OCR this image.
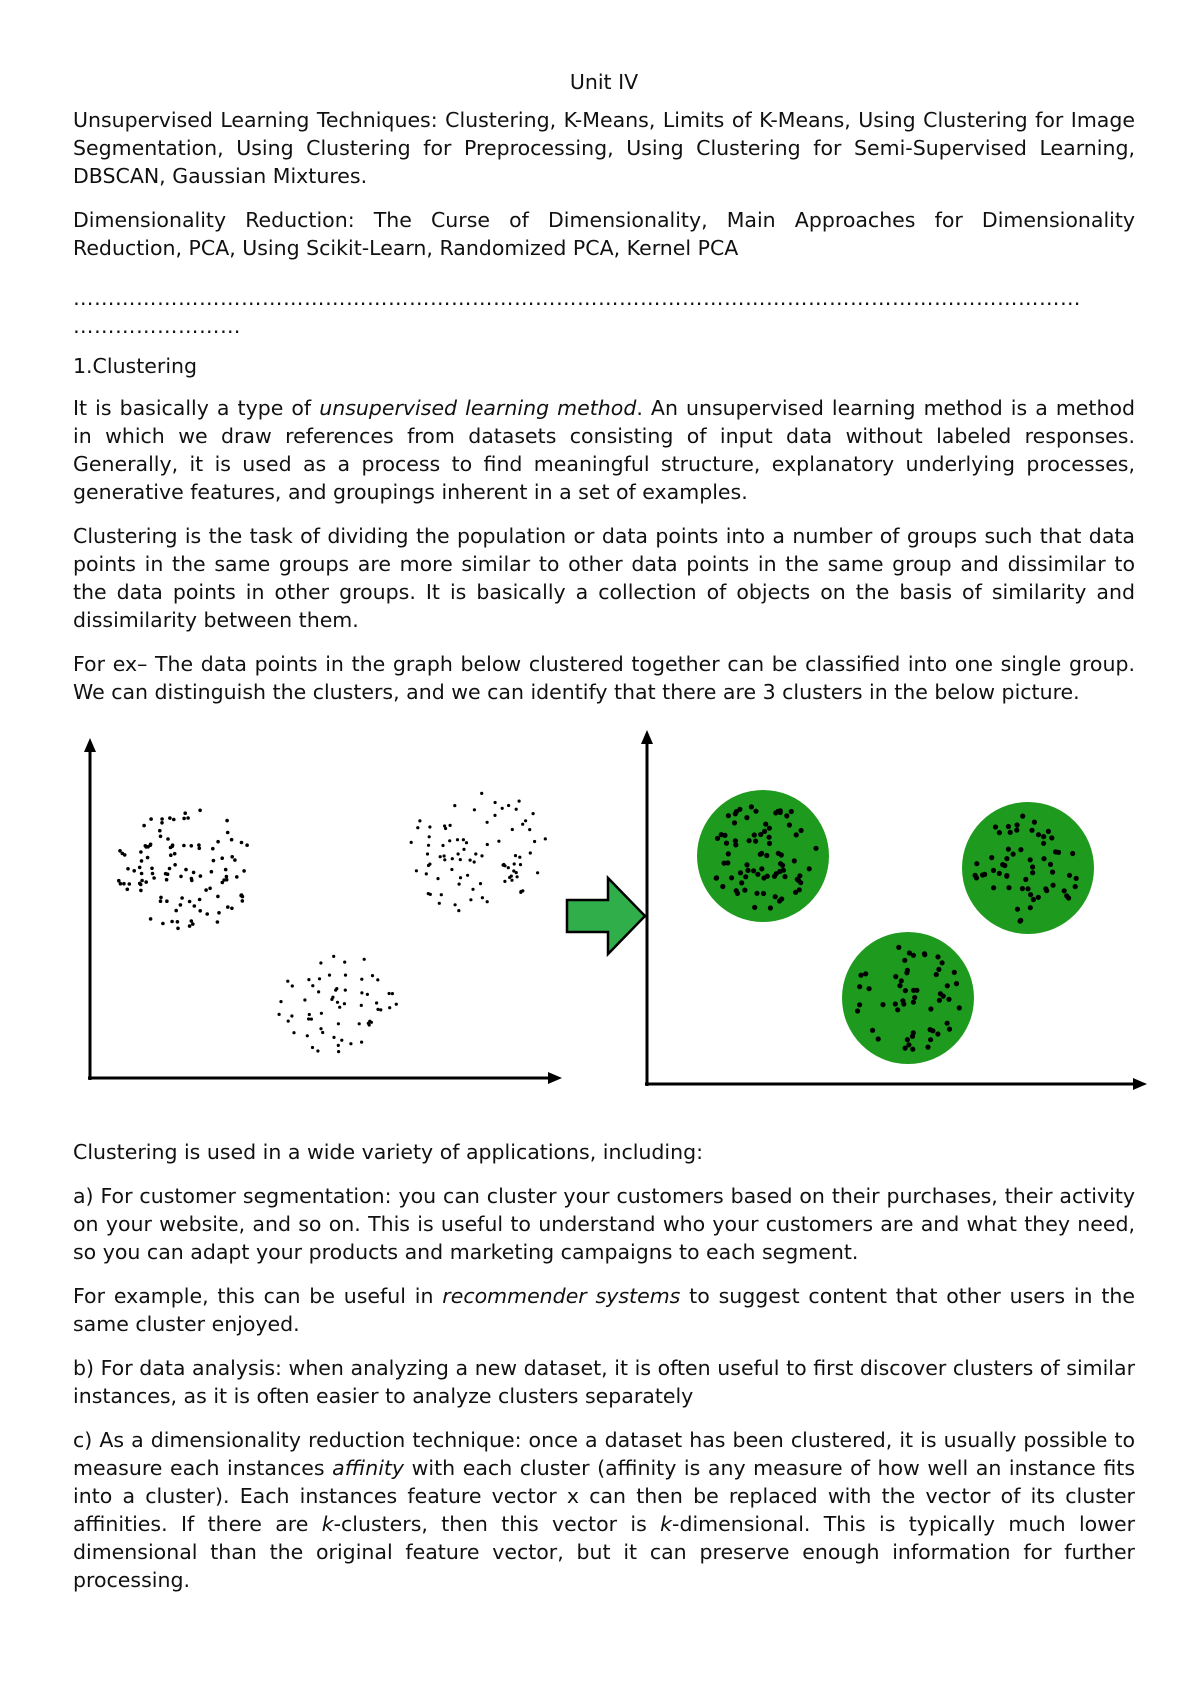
Unit IV

Unsupervised Learning Techniques: Clustering, K-Means, Limits of K-Means, Using Clustering for Image Segmentation, Using Clustering for Preprocessing, Using Clustering for Semi-Supervised Learning, DBSCAN, Gaussian Mixtures.

Dimensionality Reduction: The Curse of Dimensionality, Main Approaches for Dimensionality Reduction, PCA, Using Scikit-Learn, Randomized PCA, Kernel PCA

………………………………………………………………………………………………………………………………
……………………
1.Clustering

It is basically a type of unsupervised learning method. An unsupervised learning method is a method in which we draw references from datasets consisting of input data without labeled responses. Generally, it is used as a process to find meaningful structure, explanatory underlying processes, generative features, and groupings inherent in a set of examples.

Clustering is the task of dividing the population or data points into a number of groups such that data points in the same groups are more similar to other data points in the same group and dissimilar to the data points in other groups. It is basically a collection of objects on the basis of similarity and dissimilarity between them.

For ex– The data points in the graph below clustered together can be classified into one single group. We can distinguish the clusters, and we can identify that there are 3 clusters in the below picture.

Clustering is used in a wide variety of applications, including:

a) For customer segmentation: you can cluster your customers based on their purchases, their activity on your website, and so on. This is useful to understand who your customers are and what they need, so you can adapt your products and marketing campaigns to each segment.

For example, this can be useful in recommender systems to suggest content that other users in the same cluster enjoyed.

b) For data analysis: when analyzing a new dataset, it is often useful to first discover clusters of similar instances, as it is often easier to analyze clusters separately

c) As a dimensionality reduction technique: once a dataset has been clustered, it is usually possible to measure each instances affinity with each cluster (affinity is any measure of how well an instance fits into a cluster). Each instances feature vector x can then be replaced with the vector of its cluster affinities. If there are k-clusters, then this vector is k-dimensional. This is typically much lower dimensional than the original feature vector, but it can preserve enough information for further processing.
